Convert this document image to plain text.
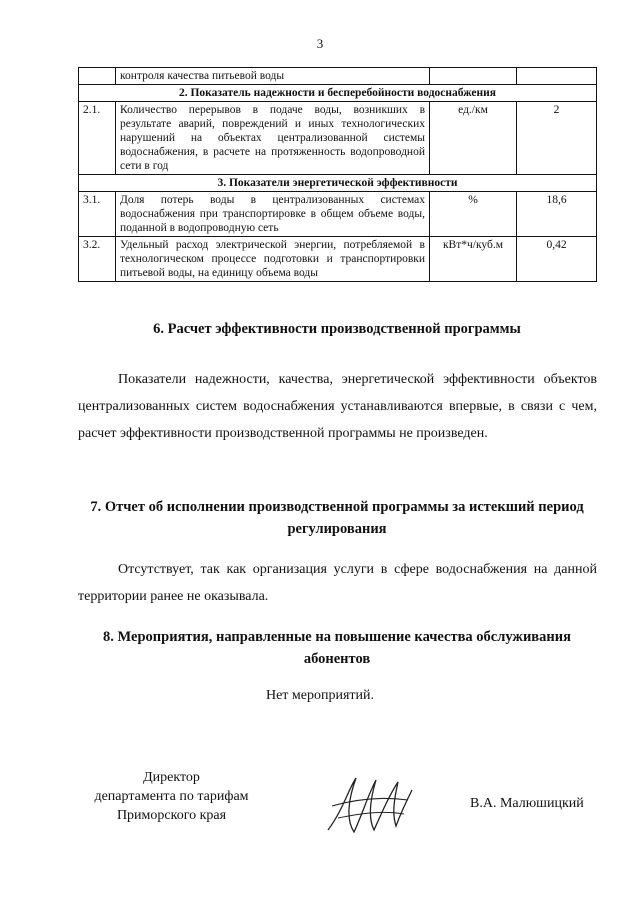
3
	контроля качества питьевой воды		
2. Показатель надежности и бесперебойности водоснабжения			
2.1.	Количество перерывов в подаче воды, возникших в результате аварий, повреждений и иных технологических нарушений на объектах централизованной системы водоснабжения, в расчете на протяженность водопроводной сети в год	ед./км	2
3. Показатели энергетической эффективности			
3.1.	Доля потерь воды в централизованных системах водоснабжения при транспортировке в общем объеме воды, поданной в водопроводную сеть	%	18,6
3.2.	Удельный расход электрической энергии, потребляемой в технологическом процессе подготовки и транспортировки питьевой воды, на единицу объема воды	кВт*ч/куб.м	0,42
6. Расчет эффективности производственной программы
Показатели надежности, качества, энергетической эффективности объектов централизованных систем водоснабжения устанавливаются впервые, в связи с чем, расчет эффективности производственной программы не произведен.
7. Отчет об исполнении производственной программы за истекший период регулирования
Отсутствует, так как организация услуги в сфере водоснабжения на данной территории ранее не оказывала.
8. Мероприятия, направленные на повышение качества обслуживания абонентов
Нет мероприятий.
Директор
департамента по тарифам
Приморского края
В.А. Малюшицкий
